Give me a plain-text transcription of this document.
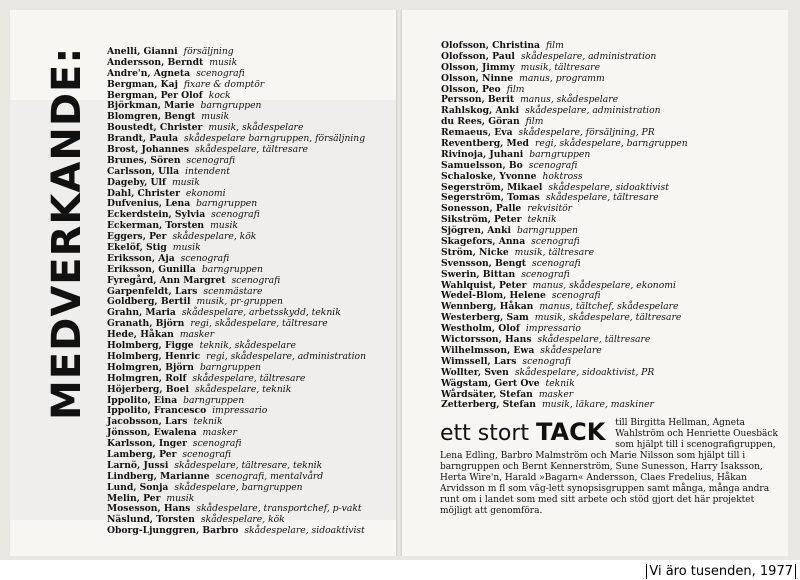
MEDVERKANDE: Anelli, Gianni försäljning
Andersson, Berndt musik
Andre'n, Agneta scenografi
Bergman, Kaj fixare & domptör
Bergman, Per Olof kock
Björkman, Marie barngruppen
Blomgren, Bengt musik
Boustedt, Christer musik, skådespelare
Brandt, Paula skådespelare barngruppen, försäljning
Brost, Johannes skådespelare, tältresare
Brunes, Sören scenografi
Carlsson, Ulla intendent
Dageby, Ulf musik
Dahl, Christer ekonomi
Dufvenius, Lena barngruppen
Eckerdstein, Sylvia scenografi
Eckerman, Torsten musik
Eggers, Per skådespelare, kök
Ekelöf, Stig musik
Eriksson, Aja scenografi
Eriksson, Gunilla barngruppen
Fyregård, Ann Margret scenografi
Garpenfeldt, Lars scenmästare
Goldberg, Bertil musik, pr-gruppen
Grahn, Maria skådespelare, arbetsskydd, teknik
Granath, Björn regi, skådespelare, tältresare
Hede, Håkan masker
Holmberg, Figge teknik, skådespelare
Holmberg, Henric regi, skådespelare, administration
Holmgren, Björn barngruppen
Holmgren, Rolf skådespelare, tältresare
Höjerberg, Boel skådespelare, teknik
Ippolito, Eina barngruppen
Ippolito, Francesco impressario
Jacobsson, Lars teknik
Jönsson, Ewalena masker
Karlsson, Inger scenografi
Lamberg, Per scenografi
Larnö, Jussi skådespelare, tältresare, teknik
Lindberg, Marianne scenografi, mentalvård
Lund, Sonja skådespelare, barngruppen
Melin, Per musik
Mosesson, Hans skådespelare, transportchef, p-vakt
Näslund, Torsten skådespelare, kök
Oborg-Ljunggren, Barbro skådespelare, sidoaktivist
Olofsson, Christina film
Olofsson, Paul skådespelare, administration
Olsson, Jimmy musik, tältresare
Olsson, Ninne manus, programm
Olsson, Peo film
Persson, Berit manus, skådespelare
Rahlskog, Anki skådespelare, administration
du Rees, Göran film
Remaeus, Eva skådespelare, försäljning, PR
Reventberg, Med regi, skådespelare, barngruppen
Rivinoja, Juhani barngruppen
Samuelsson, Bo scenografi
Schaloske, Yvonne hoktross
Segerström, Mikael skådespelare, sidoaktivist
Segerström, Tomas skådespelare, tältresare
Sonesson, Palle rekvisitör
Sikström, Peter teknik
Sjögren, Anki barngruppen
Skagefors, Anna scenografi
Ström, Nicke musik, tältresare
Svensson, Bengt scenografi
Swerin, Bittan scenografi
Wahlquist, Peter manus, skådespelare, ekonomi
Wedel-Blom, Helene scenografi
Wennberg, Håkan manus, tältchef, skådespelare
Westerberg, Sam musik, skådespelare, tältresare
Westholm, Olof impressario
Wictorsson, Hans skådespelare, tältresare
Wilhelmsson, Ewa skådespelare
Wimssell, Lars scenografi
Wollter, Sven skådespelare, sidoaktivist, PR
Wägstam, Gert Ove teknik
Wårdsäter, Stefan masker
Zetterberg, Stefan musik, läkare, maskiner
ett stort TACK till Birgitta Hellman, Agneta Wahlström och Henriette Ouesbäck som hjälpt till i scenografigruppen, Lena Edling, Barbro Malmström och Marie Nilsson som hjälpt till i barngruppen och Bernt Kennerström, Sune Sunesson, Harry Isaksson, Herta Wire'n, Harald »Bagarn« Andersson, Claes Fredelius, Håkan Arvidsson m fl som väg-lett synopsisgruppen samt många, många andra runt om i landet som med sitt arbete och stöd gjort det här projektet möjligt att genomföra.
Vi äro tusenden, 1977
